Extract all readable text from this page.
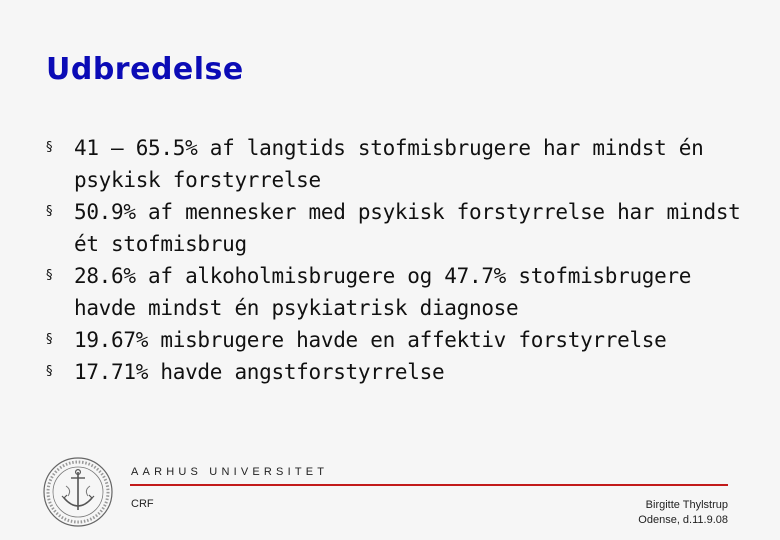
Udbredelse
§ 41 – 65.5% af langtids stofmisbrugere har mindst én
psykisk forstyrrelse
§ 50.9% af mennesker med psykisk forstyrrelse har mindst
ét stofmisbrug
§ 28.6% af alkoholmisbrugere og 47.7% stofmisbrugere
havde mindst én psykiatrisk diagnose
§ 19.67% misbrugere havde en affektiv forstyrrelse
§ 17.71% havde angstforstyrrelse
AARHUS UNIVERSITET
CRF	Birgitte Thylstrup
Odense, d.11.9.08
